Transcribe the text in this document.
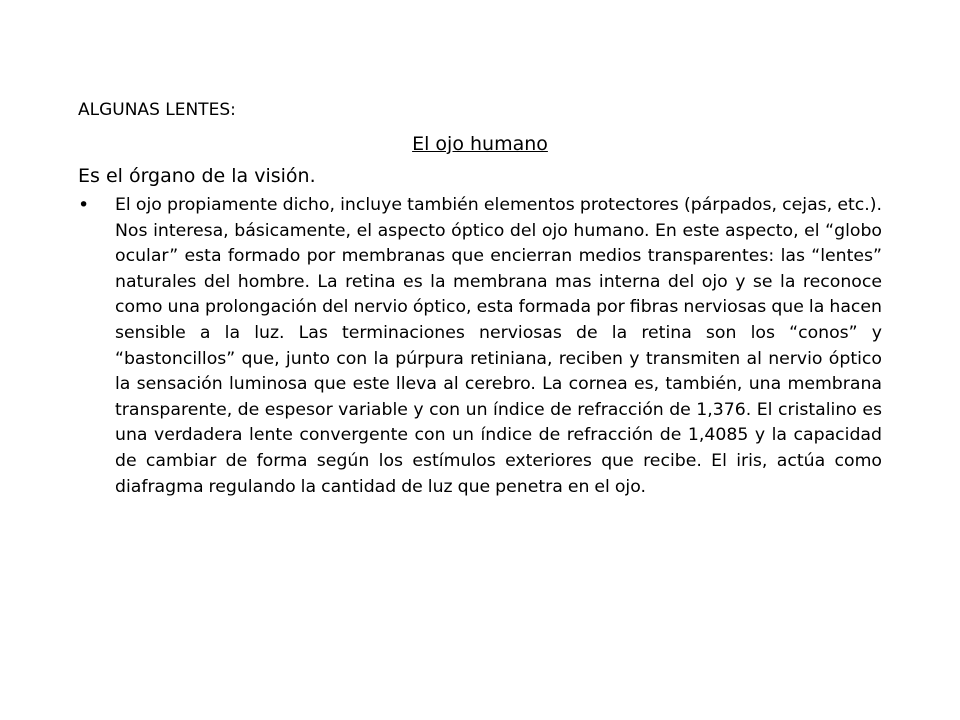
ALGUNAS LENTES:
El ojo humano
Es el órgano de la visión.
• El ojo propiamente dicho, incluye también elementos protectores (párpados, cejas, etc.). Nos interesa, básicamente, el aspecto óptico del ojo humano. En este aspecto, el “globo ocular” esta formado por membranas que encierran medios transparentes: las “lentes” naturales del hombre. La retina es la membrana mas interna del ojo y se la reconoce como una prolongación del nervio óptico, esta formada por fibras nerviosas que la hacen sensible a la luz. Las terminaciones nerviosas de la retina son los “conos” y “bastoncillos” que, junto con la púrpura retiniana, reciben y transmiten al nervio óptico la sensación luminosa que este lleva al cerebro. La cornea es, también, una membrana transparente, de espesor variable y con un índice de refracción de 1,376. El cristalino es una verdadera lente convergente con un índice de refracción de 1,4085 y la capacidad de cambiar de forma según los estímulos exteriores que recibe. El iris, actúa como diafragma regulando la cantidad de luz que penetra en el ojo.
